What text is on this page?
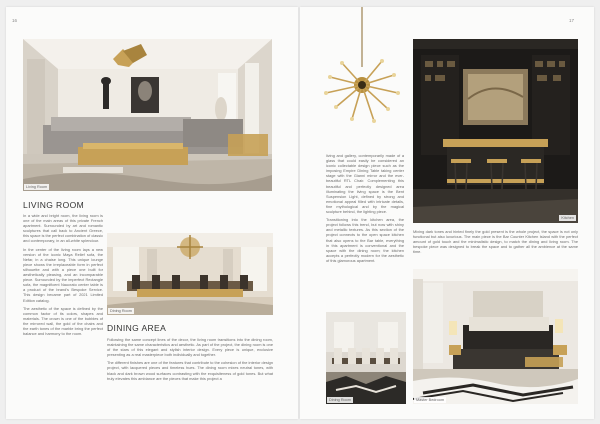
16
Living Room
LIVING ROOM

In a wide and bright room, the living room is one of the main areas of this private French apartment. Surrounded by art and romantic sculptures that call back to Ancient Greece, this space is the perfect combination of classic and contemporary, in an all-white splendour.

In the center of the living room lays a new version of the iconic Maya Relief sofa, the Nefar, in a chaise long. This unique lounge piece shows the irreplaceable form in perfect silhouette and with a piece one built for aesthetically pleasing, and an incomparable piece. Surrounded by the imperfect Rectangle sofa, the magnificent Naucrato center table is a product of the brand's Bespoke Service. This design became part of 2021 Limited Edition catalog.

The aesthetic of the space is defined by the common factor of its colors, shapes and materials. The crown is one of the bubbles of the mirrored wall, the gold of the chairs and the earth tones of the marble bring the perfect balance and harmony to the room.

Dining Room
DINING AREA

Following the same concept lines of the decor, the living room transitions into the dining room, maintaining the same characteristics and aesthetic. As part of the project, the dining room is one of the stars of this elegant and stylish interior design. Every piece is unique, exclusive presenting as a real masterpiece both individually and together.

The different finishes are one of the features that contribute to the cohesion of the interior design project, with lacquered pieces and timeless hues. The dining room mixes neutral tones, with black and dark brown wood surfaces contrasting with the exquisiteness of gold tones. But what truly elevates this ambiance are the pieces that make this project a

17

living and gallery, contemporarily made of a glass that could easily be considered an iconic collectable design piece such as the imposing Empire Dining Table taking center stage with the Gianni mirror and the ever-beautiful RTL Chair. Complementing this beautiful and perfectly designed area illuminating the living space is the Bent Suspension Light, defined by strong and emotional appeal filled with intricate details, fine mythological and by the magical sculpture behind, the lighting piece.

Transitioning into the kitchen area, the project follows this trend, but now with shiny and metallic textures. As this section of the project connects to the open space kitchen that also opens to the Bar table, everything in this apartment is conventional and the space with the dining room; the kitchen accepts a perfectly modern for the aesthetic of this glamorous apartment.

Kitchen

Mixing dark tones and hinted finely the gold present is the whole project, the space is not only functional but also luxurious. The main piece is the Bar Counter Kitchen Island with the perfect amount of gold touch and the minimalistic design, to match the dining and living room. The bespoke piece was designed to break the space and to gather all the ambience at the same time.

Dining Room	Master Bedroom
